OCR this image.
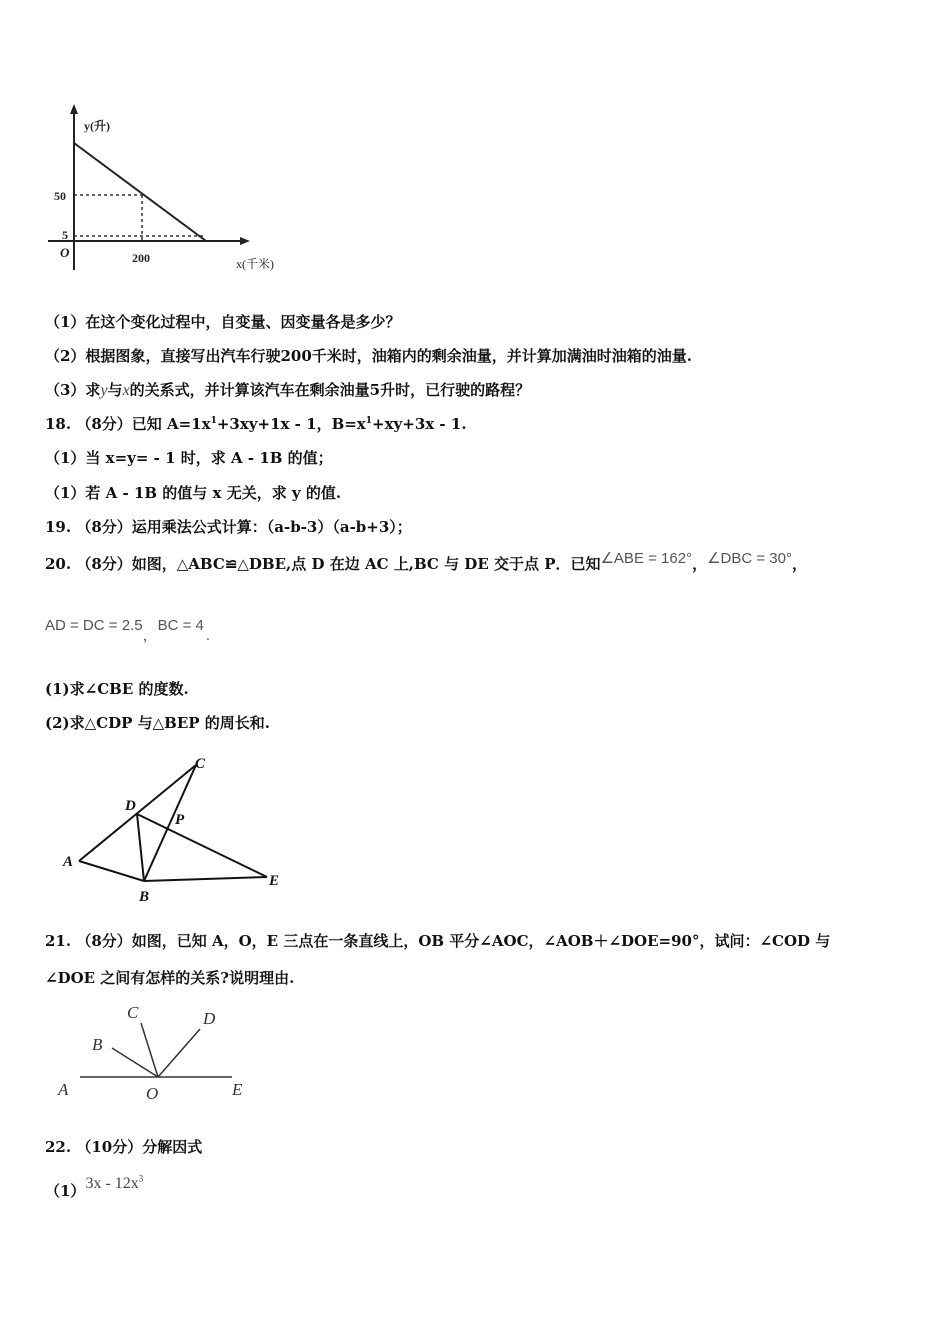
y(升)
x(千米)
O
50
5
200
（1）在这个变化过程中，自变量、因变量各是多少？
（2）根据图象，直接写出汽车行驶200千米时，油箱内的剩余油量，并计算加满油时油箱的油量.
（3）求y与x的关系式，并计算该汽车在剩余油量5升时，已行驶的路程？
18. （8分）已知 $A=1x^1+3xy+1x - 1$，$B=x^1+xy+3x - 1$.
（1）当 x=y= - 1 时，求 A - 1B 的值；
（1）若 A - 1B 的值与 x 无关，求 y 的值.
19. （8分）运用乘法公式计算：（a-b-3）（a-b+3）；
20. （8分）如图，△ABC≌△DBE,点 D 在边 AC 上,BC 与 DE 交于点 P．已知∠ABE = 162°，∠DBC = 30°，
AD = DC = 2.5，BC = 4.
(1)求∠CBE 的度数.
(2)求△CDP 与△BEP 的周长和.
A
B
C
D
E
P
21. （8分）如图，已知 A，O，E 三点在一条直线上，OB 平分∠AOC，∠AOB＋∠DOE=90°，试问：∠COD 与
∠DOE 之间有怎样的关系?说明理由.
A
B
C	D
O	E
22. （10分）分解因式
$(1)3x - 12x^3$
